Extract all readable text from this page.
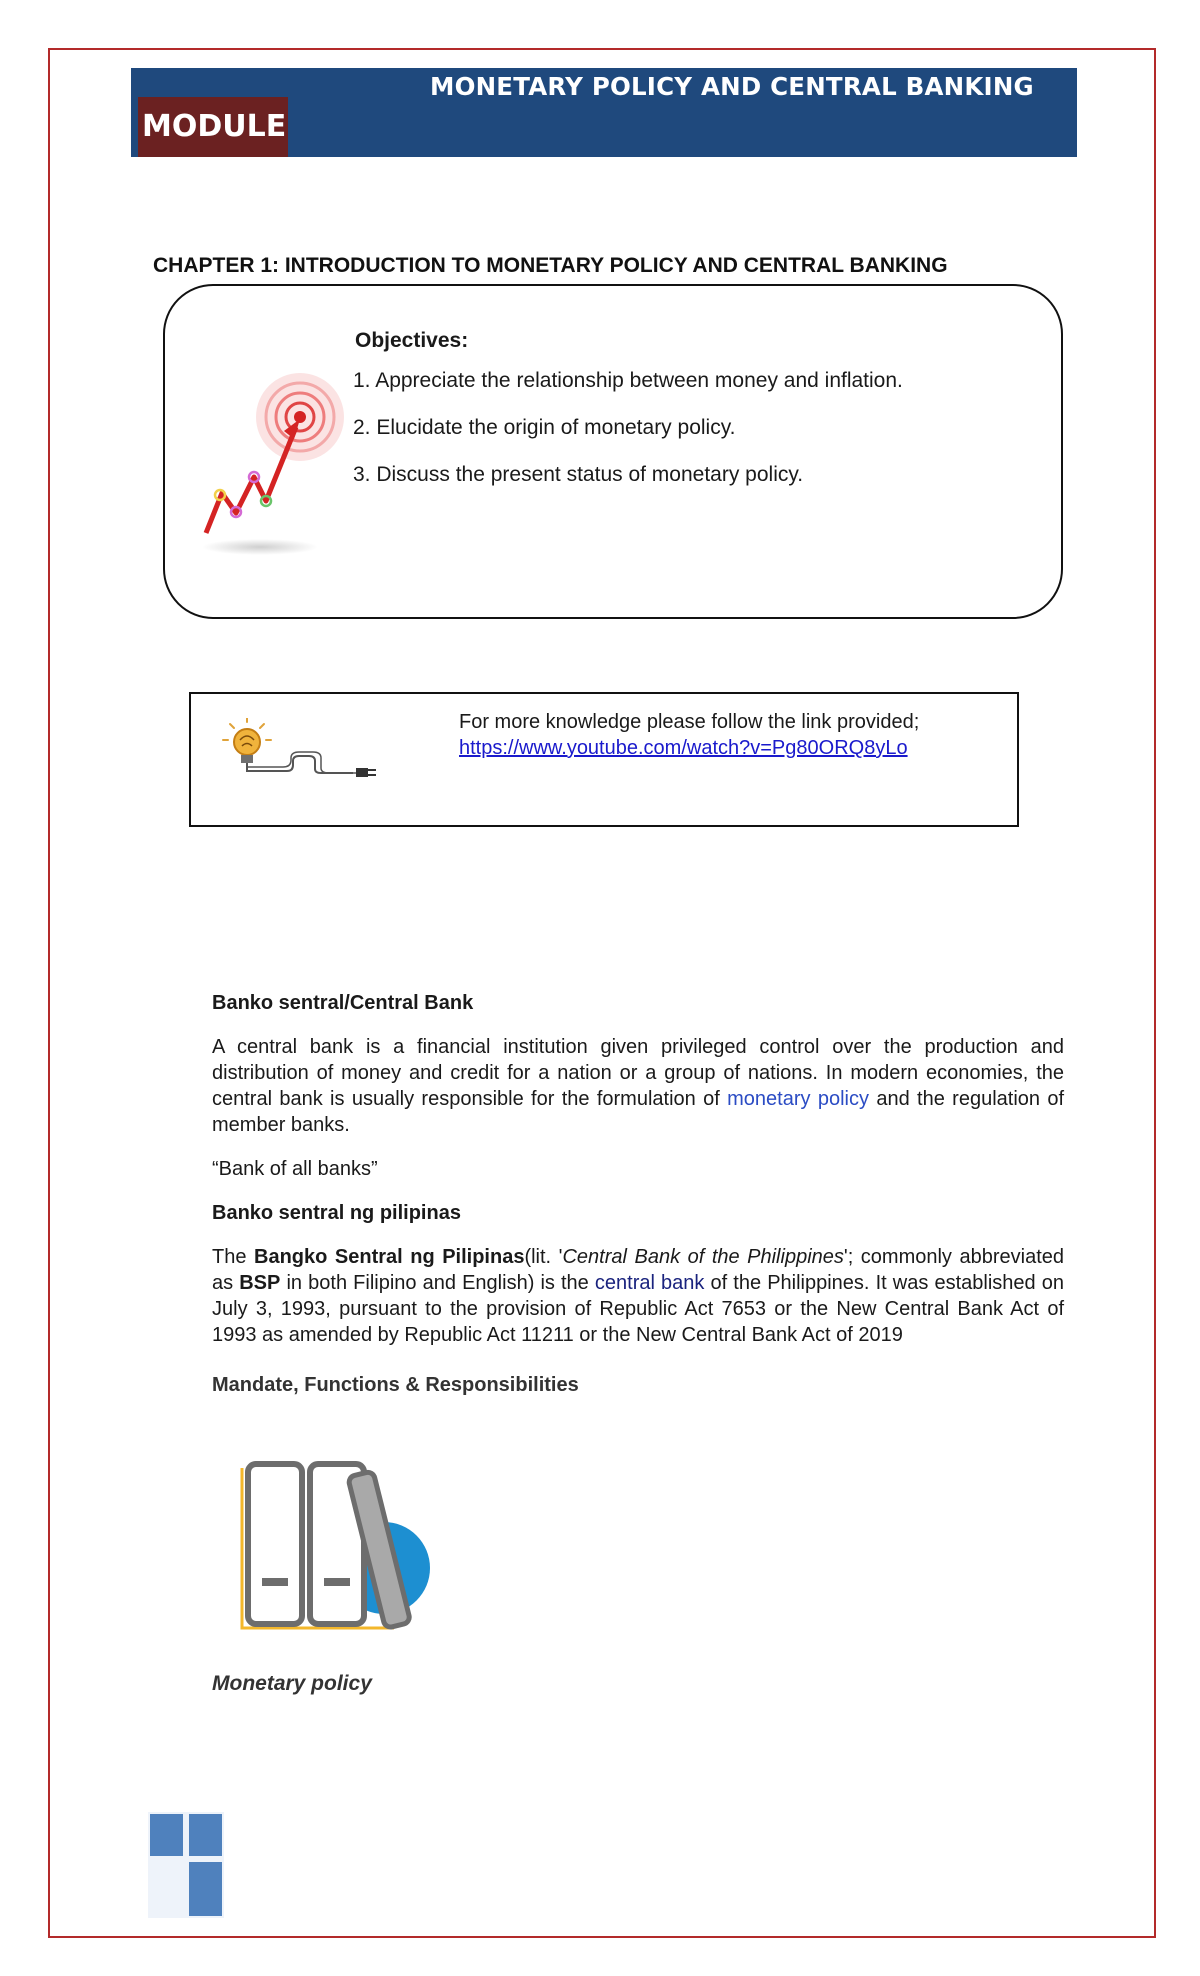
MONETARY POLICY AND CENTRAL BANKING
MODULE
CHAPTER 1: INTRODUCTION TO MONETARY POLICY AND CENTRAL BANKING
Objectives:
1. Appreciate the relationship between money and inflation.
2. Elucidate the origin of monetary policy.
3. Discuss the present status of monetary policy.
For more knowledge please follow the link provided;
https://www.youtube.com/watch?v=Pg80ORQ8yLo
Banko sentral/Central Bank
A central bank is a financial institution given privileged control over the production and distribution of money and credit for a nation or a group of nations. In modern economies, the central bank is usually responsible for the formulation of monetary policy and the regulation of member banks.
“Bank of all banks”
Banko sentral ng pilipinas
The Bangko Sentral ng Pilipinas(lit. 'Central Bank of the Philippines'; commonly abbreviated as BSP in both Filipino and English) is the central bank of the Philippines. It was established on July 3, 1993, pursuant to the provision of Republic Act 7653 or the New Central Bank Act of 1993 as amended by Republic Act 11211 or the New Central Bank Act of 2019
Mandate, Functions & Responsibilities
Monetary policy
